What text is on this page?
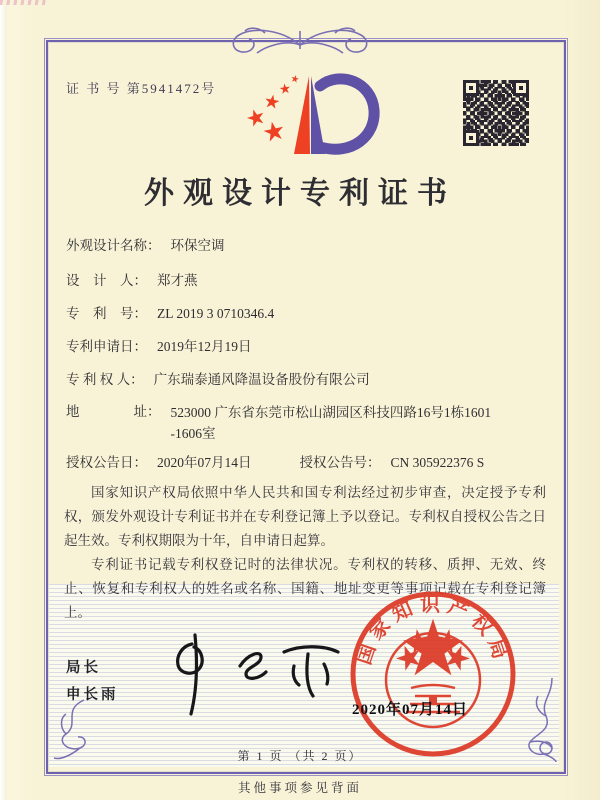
证 书 号 第5941472号
外观设计专利证书
外观设计名称： 环保空调
设　计　人： 郑才燕
专　利　号： ZL 2019 3 0710346.4
专利申请日： 2019年12月19日
专 利 权 人： 广东瑞泰通风降温设备股份有限公司
地　　　　址： 523000 广东省东莞市松山湖园区科技四路16号1栋1601-1606室
授权公告日： 2020年07月14日	授权公告号： CN 305922376 S

国家知识产权局依照中华人民共和国专利法经过初步审查，决定授予专利权，颁发外观设计专利证书并在专利登记簿上予以登记。专利权自授权公告之日起生效。专利权期限为十年，自申请日起算。

专利证书记载专利权登记时的法律状况。专利权的转移、质押、无效、终止、恢复和专利权人的姓名或名称、国籍、地址变更等事项记载在专利登记簿上。

局长
申长雨
国家知识产权局
2020年07月14日
第 1 页 （共 2 页）
其他事项参见背面
